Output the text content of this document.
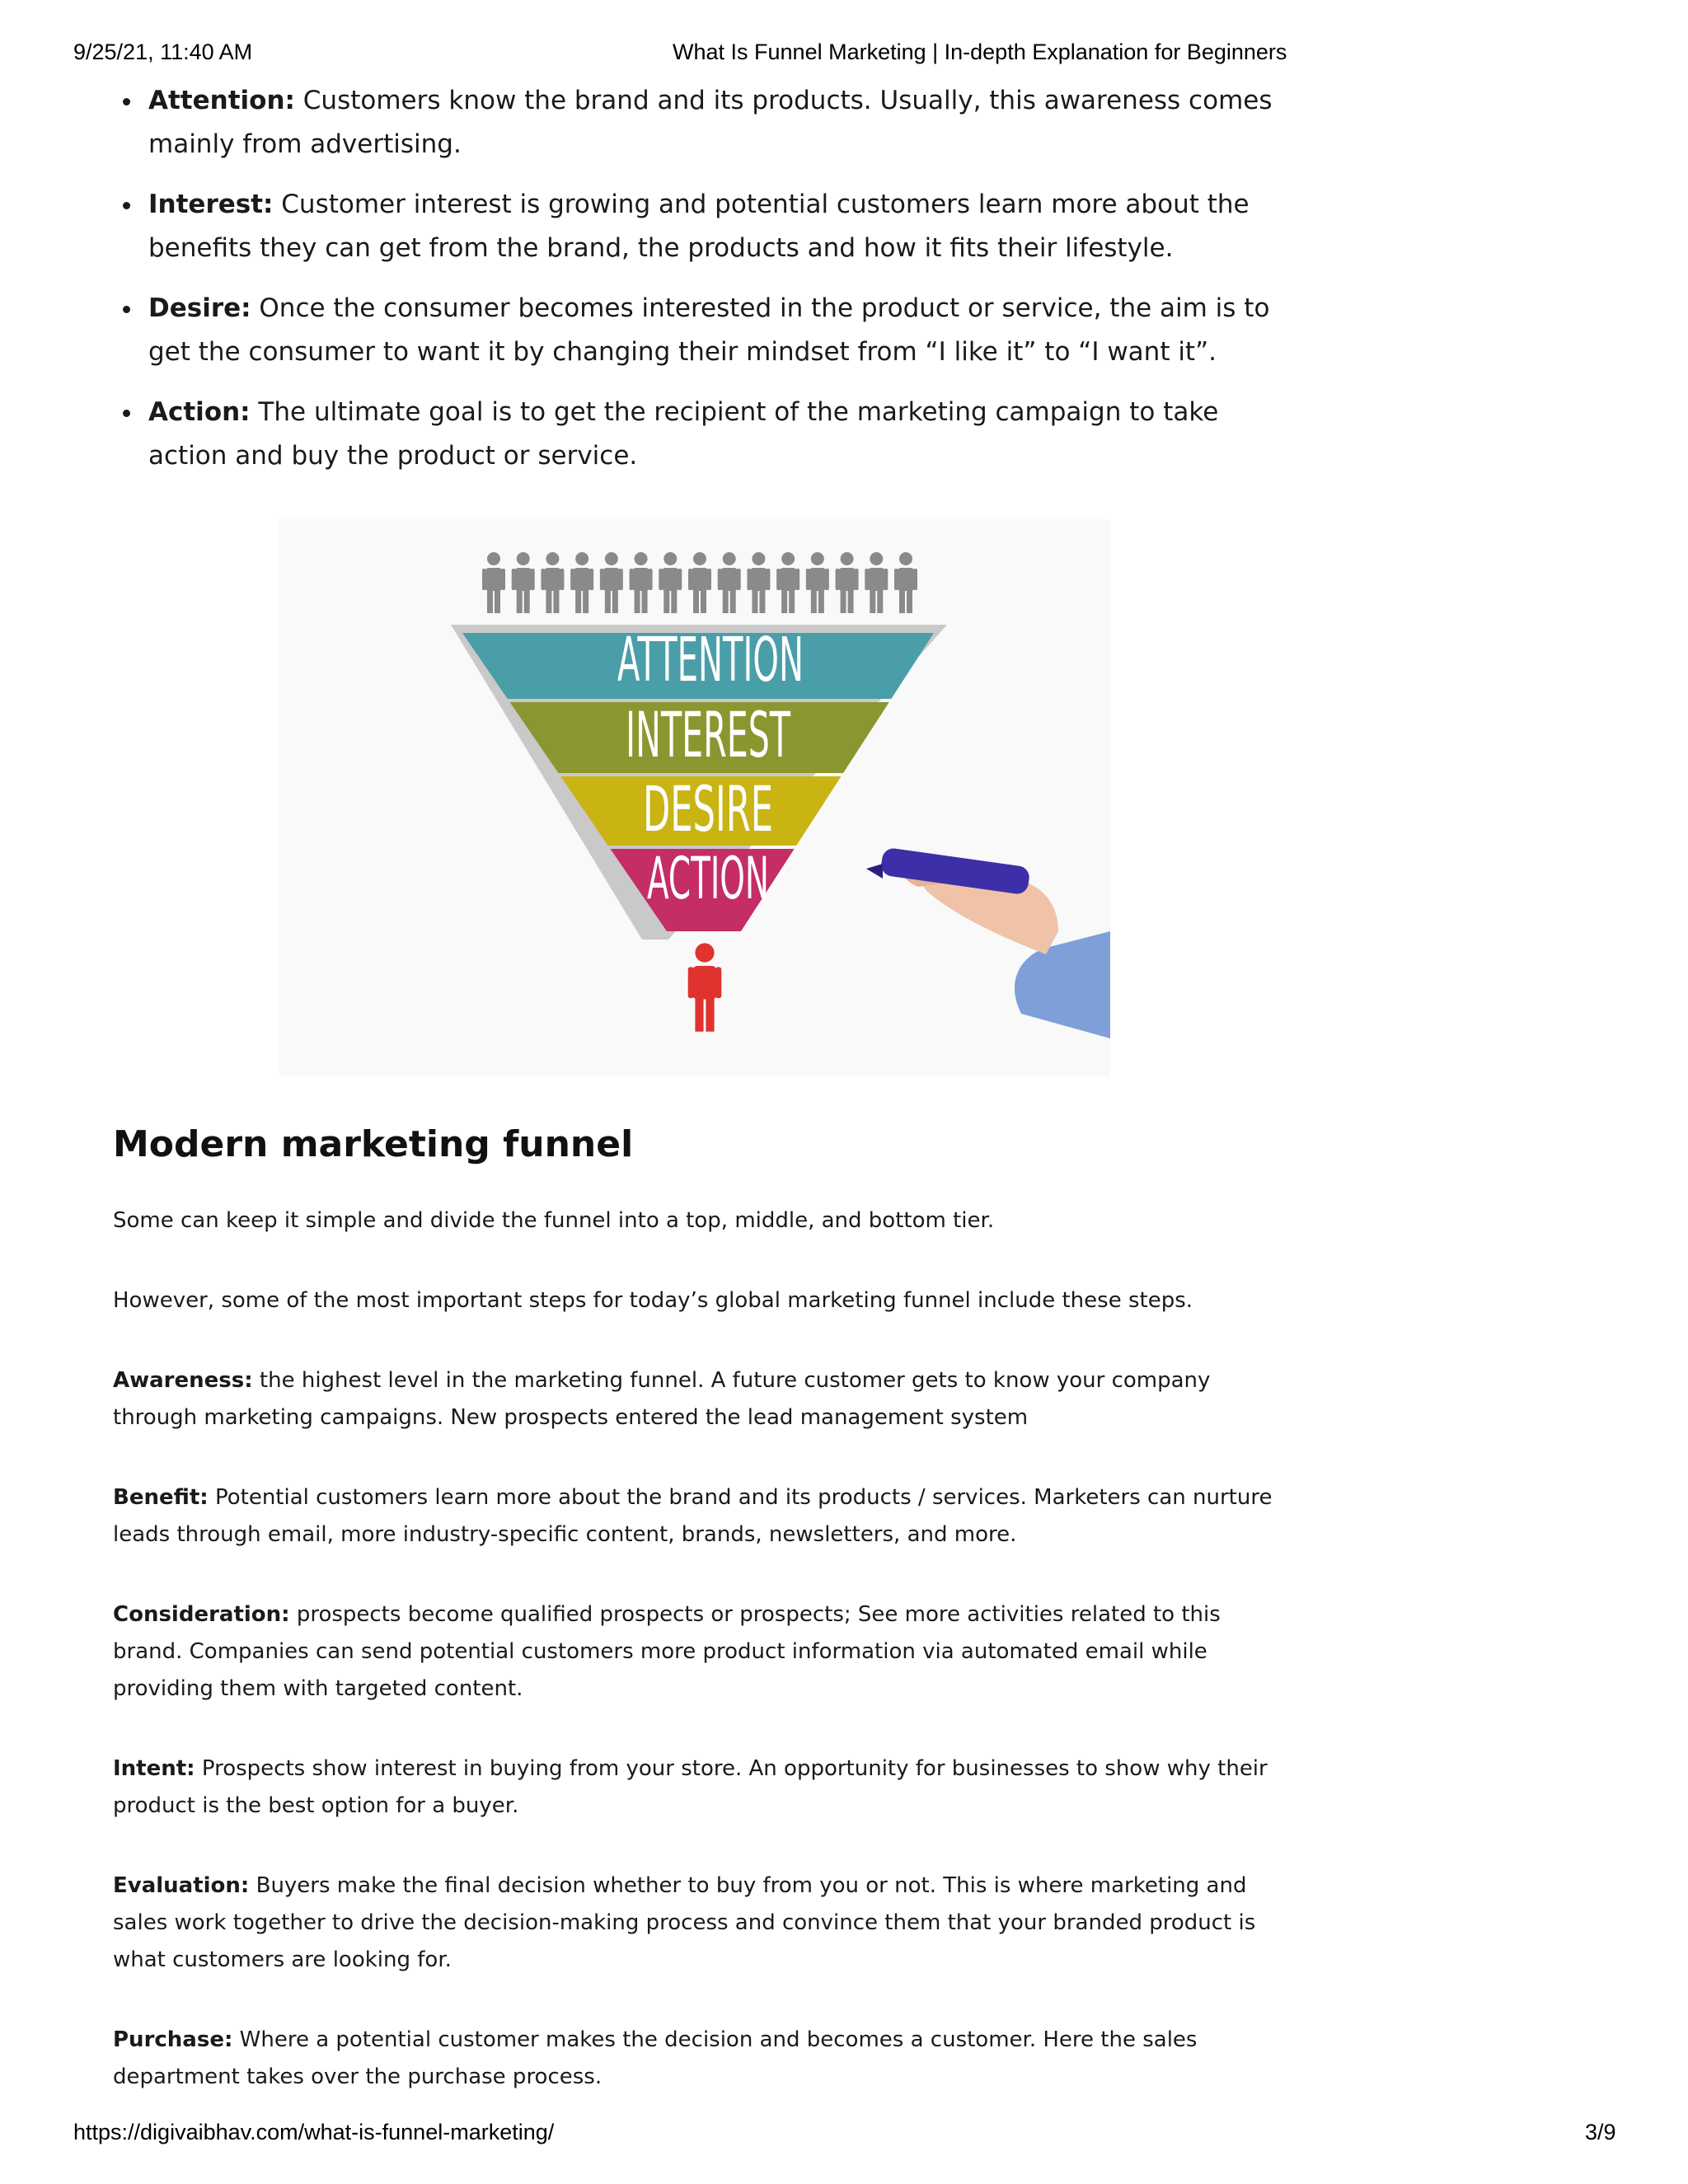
9/25/21, 11:40 AM	What Is Funnel Marketing | In-depth Explanation for Beginners
Attention: Customers know the brand and its products. Usually, this awareness comes mainly from advertising.
Interest: Customer interest is growing and potential customers learn more about the benefits they can get from the brand, the products and how it fits their lifestyle.
Desire: Once the consumer becomes interested in the product or service, the aim is to get the consumer to want it by changing their mindset from “I like it” to “I want it”.
Action: The ultimate goal is to get the recipient of the marketing campaign to take action and buy the product or service.
ATTENTION
INTEREST
DESIRE
ACTION
Modern marketing funnel

Some can keep it simple and divide the funnel into a top, middle, and bottom tier.

However, some of the most important steps for today’s global marketing funnel include these steps.

Awareness: the highest level in the marketing funnel. A future customer gets to know your company through marketing campaigns. New prospects entered the lead management system

Benefit: Potential customers learn more about the brand and its products / services. Marketers can nurture leads through email, more industry-specific content, brands, newsletters, and more.

Consideration: prospects become qualified prospects or prospects; See more activities related to this brand. Companies can send potential customers more product information via automated email while providing them with targeted content.

Intent: Prospects show interest in buying from your store. An opportunity for businesses to show why their product is the best option for a buyer.

Evaluation: Buyers make the final decision whether to buy from you or not. This is where marketing and sales work together to drive the decision-making process and convince them that your branded product is what customers are looking for.

Purchase: Where a potential customer makes the decision and becomes a customer. Here the sales department takes over the purchase process.

https://digivaibhav.com/what-is-funnel-marketing/	3/9
